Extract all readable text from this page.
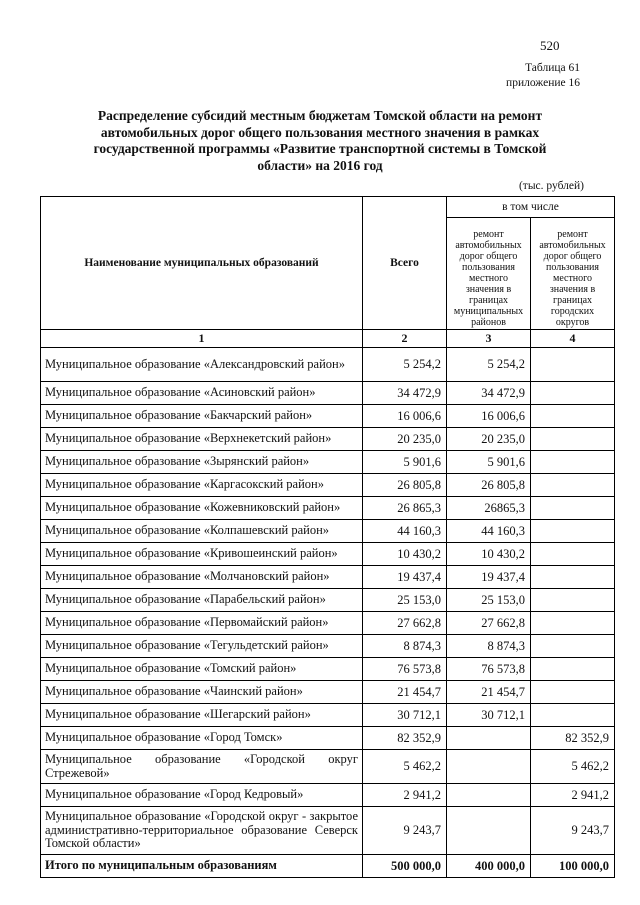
520
Таблица 61
приложение 16
Распределение субсидий местным бюджетам Томской области на ремонт автомобильных дорог общего пользования местного значения в рамках государственной программы «Развитие транспортной системы в Томской области» на 2016 год
(тыс. рублей)
Наименование муниципальных образований	Всего	в том числе	
		ремонт автомобильных дорог общего пользования местного значения в границах муниципальных районов	ремонт автомобильных дорог общего пользования местного значения в границах городских округов
1	2	3	4
Муниципальное образование «Александровский район»	5 254,2	5 254,2	
Муниципальное образование «Асиновский район»	34 472,9	34 472,9	
Муниципальное образование «Бакчарский район»	16 006,6	16 006,6	
Муниципальное образование «Верхнекетский район»	20 235,0	20 235,0	
Муниципальное образование «Зырянский район»	5 901,6	5 901,6	
Муниципальное образование «Каргасокский район»	26 805,8	26 805,8	
Муниципальное образование «Кожевниковский район»	26 865,3	26865,3	
Муниципальное образование «Колпашевский район»	44 160,3	44 160,3	
Муниципальное образование «Кривошеинский район»	10 430,2	10 430,2	
Муниципальное образование «Молчановский район»	19 437,4	19 437,4	
Муниципальное образование «Парабельский район»	25 153,0	25 153,0	
Муниципальное образование «Первомайский район»	27 662,8	27 662,8	
Муниципальное образование «Тегульдетский район»	8 874,3	8 874,3	
Муниципальное образование «Томский район»	76 573,8	76 573,8	
Муниципальное образование «Чаинский район»	21 454,7	21 454,7	
Муниципальное образование «Шегарский район»	30 712,1	30 712,1	
Муниципальное образование «Город Томск»	82 352,9		82 352,9
Муниципальное образование «Городской округ Стрежевой»	5 462,2		5 462,2
Муниципальное образование «Город Кедровый»	2 941,2		2 941,2
Муниципальное образование «Городской округ - закрытое административно-территориальное образование Северск Томской области»	9 243,7		9 243,7
Итого по муниципальным образованиям	500 000,0	400 000,0	100 000,0
